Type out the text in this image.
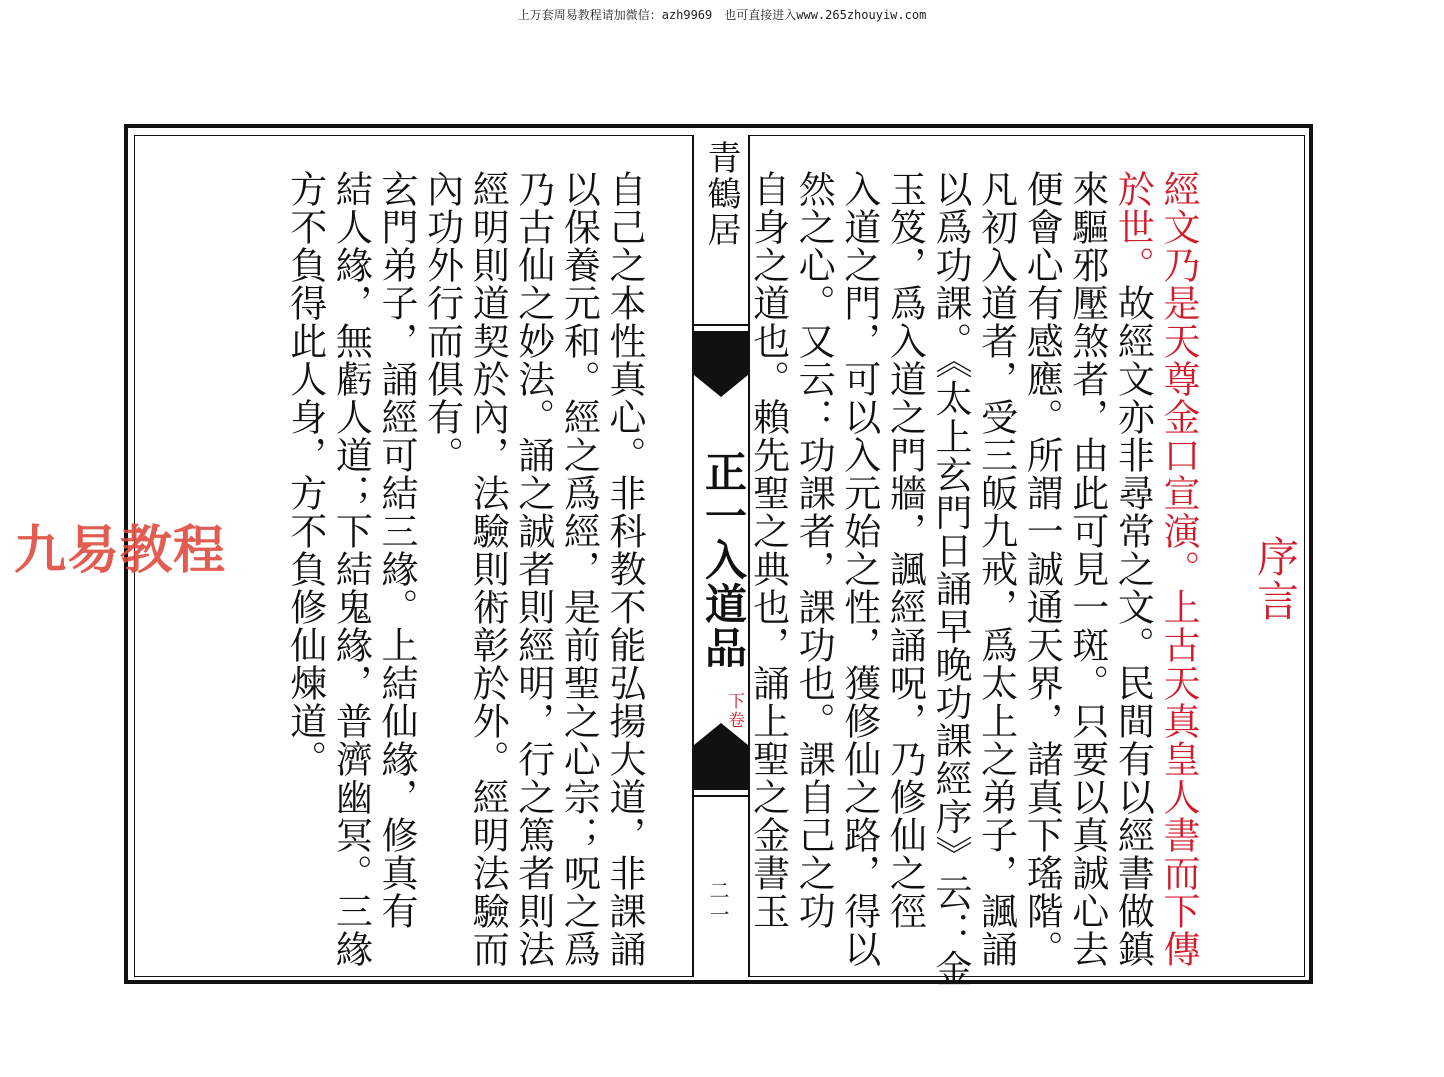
上万套周易教程请加微信：azh9969　也可直接进入www.265zhouyiw.com
青鶴居
正一入道品
下卷
二一
序言
經文乃是天尊金口宣演。上古天真皇人書而下傳
於世。故經文亦非尋常之文。民間有以經書做鎮
來驅邪壓煞者，由此可見一斑。只要以真誠心去
便會心有感應。所謂一誠通天界，諸真下瑤階。
凡初入道者，受三皈九戒，爲太上之弟子，諷誦
以爲功課。《太上玄門日誦早晚功課經序》云：金
玉笈，爲入道之門牆，諷經誦呪，乃修仙之徑
入道之門，可以入元始之性，獲修仙之路，得以
然之心。又云：功課者，課功也。課自己之功
自身之道也。賴先聖之典也，誦上聖之金書玉
自己之本性真心。非科教不能弘揚大道，非課誦
以保養元和。經之爲經，是前聖之心宗；呪之爲
乃古仙之妙法。誦之誠者則經明，行之篤者則法
經明則道契於內，法驗則術彰於外。經明法驗而
內功外行而俱有。
玄門弟子，誦經可結三緣。上結仙緣，修真有
結人緣，無虧人道；下結鬼緣，普濟幽冥。三緣
方不負得此人身，方不負修仙煉道。
九易教程
